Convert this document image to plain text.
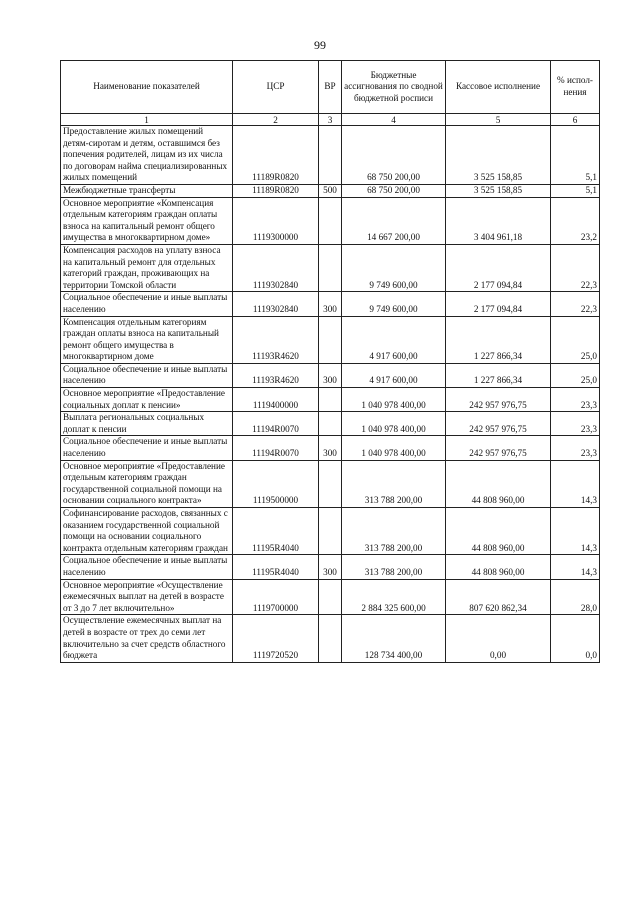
99
Наименование показателей	ЦСР	ВР	Бюджетные ассигнования по сводной бюджетной росписи	Кассовое исполнение	% испол-нения
1	2	3	4	5	6
Предоставление жилых помещений детям-сиротам и детям, оставшимся без попечения родителей, лицам из их числа по договорам найма специализированных жилых помещений	11189R0820		68 750 200,00	3 525 158,85	5,1
Межбюджетные трансферты	11189R0820	500	68 750 200,00	3 525 158,85	5,1
Основное мероприятие «Компенсация отдельным категориям граждан оплаты взноса на капитальный ремонт общего имущества в многоквартирном доме»	1119300000		14 667 200,00	3 404 961,18	23,2
Компенсация расходов на уплату взноса на капитальный ремонт для отдельных категорий граждан, проживающих на территории Томской области	1119302840		9 749 600,00	2 177 094,84	22,3
Социальное обеспечение и иные выплаты населению	1119302840	300	9 749 600,00	2 177 094,84	22,3
Компенсация отдельным категориям граждан оплаты взноса на капитальный ремонт общего имущества в многоквартирном доме	11193R4620		4 917 600,00	1 227 866,34	25,0
Социальное обеспечение и иные выплаты населению	11193R4620	300	4 917 600,00	1 227 866,34	25,0
Основное мероприятие «Предоставление социальных доплат к пенсии»	1119400000		1 040 978 400,00	242 957 976,75	23,3
Выплата региональных социальных доплат к пенсии	11194R0070		1 040 978 400,00	242 957 976,75	23,3
Социальное обеспечение и иные выплаты населению	11194R0070	300	1 040 978 400,00	242 957 976,75	23,3
Основное мероприятие «Предоставление отдельным категориям граждан государственной социальной помощи на основании социального контракта»	1119500000		313 788 200,00	44 808 960,00	14,3
Софинансирование расходов, связанных с оказанием государственной социальной помощи на основании социального контракта отдельным категориям граждан	11195R4040		313 788 200,00	44 808 960,00	14,3
Социальное обеспечение и иные выплаты населению	11195R4040	300	313 788 200,00	44 808 960,00	14,3
Основное мероприятие «Осуществление ежемесячных выплат на детей в возрасте от 3 до 7 лет включительно»	1119700000		2 884 325 600,00	807 620 862,34	28,0
Осуществление ежемесячных выплат на детей в возрасте от трех до семи лет включительно за счет средств областного бюджета	1119720520		128 734 400,00	0,00	0,0
